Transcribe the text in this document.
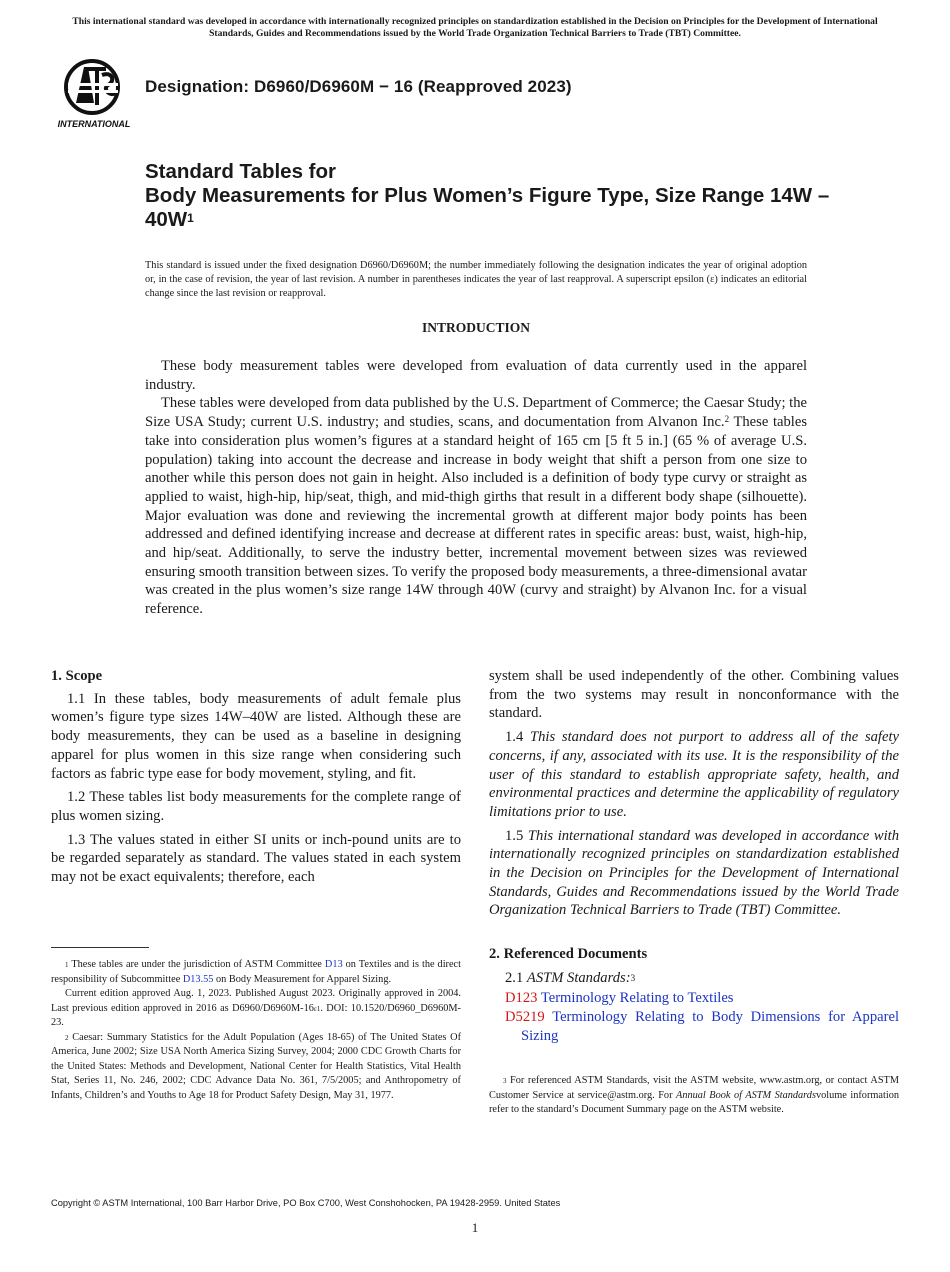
This international standard was developed in accordance with internationally recognized principles on standardization established in the Decision on Principles for the Development of International Standards, Guides and Recommendations issued by the World Trade Organization Technical Barriers to Trade (TBT) Committee.
INTERNATIONAL
Designation: D6960/D6960M − 16 (Reapproved 2023)
Standard Tables for
Body Measurements for Plus Women’s Figure Type, Size Range $14W - 40W^1$
This standard is issued under the fixed designation D6960/D6960M; the number immediately following the designation indicates the year of original adoption or, in the case of revision, the year of last revision. A number in parentheses indicates the year of last reapproval. A superscript epsilon (ε) indicates an editorial change since the last revision or reapproval.
INTRODUCTION

These body measurement tables were developed from evaluation of data currently used in the apparel industry.

These tables were developed from data published by the U.S. Department of Commerce; the Caesar Study; the Size USA Study; current U.S. industry; and studies, scans, and documentation from Alvanon Inc.$^2$ These tables take into consideration plus women’s figures at a standard height of 165 cm [5 ft 5 in.] (65 % of average U.S. population) taking into account the decrease and increase in body weight that shift a person from one size to another while this person does not gain in height. Also included is a definition of body type curvy or straight as applied to waist, high-hip, hip/seat, thigh, and mid-thigh girths that result in a different body shape (silhouette). Major evaluation was done and reviewing the incremental growth at different major body points has been addressed and defined identifying increase and decrease at different rates in specific areas: bust, waist, high-hip, and hip/seat. Additionally, to serve the industry better, incremental movement between sizes was reviewed ensuring smooth transition between sizes. To verify the proposed body measurements, a three-dimensional avatar was created in the plus women’s size range 14W through 40W (curvy and straight) by Alvanon Inc. for a visual reference.

1. Scope

1.1 In these tables, body measurements of adult female plus women’s figure type sizes 14W–40W are listed. Although these are body measurements, they can be used as a baseline in designing apparel for plus women in this size range when considering such factors as fabric type ease for body movement, styling, and fit.

1.2 These tables list body measurements for the complete range of plus women sizing.

1.3 The values stated in either SI units or inch-pound units are to be regarded separately as standard. The values stated in each system may not be exact equivalents; therefore, each

system shall be used independently of the other. Combining values from the two systems may result in nonconformance with the standard.

1.4 This standard does not purport to address all of the safety concerns, if any, associated with its use. It is the responsibility of the user of this standard to establish appropriate safety, health, and environmental practices and determine the applicability of regulatory limitations prior to use.

1.5 This international standard was developed in accordance with internationally recognized principles on standardization established in the Decision on Principles for the Development of International Standards, Guides and Recommendations issued by the World Trade Organization Technical Barriers to Trade (TBT) Committee.

$^1$ These tables are under the jurisdiction of ASTM Committee D13 on Textiles and is the direct responsibility of Subcommittee D13.55 on Body Measurement for Apparel Sizing.

Current edition approved Aug. 1, 2023. Published August 2023. Originally approved in 2004. Last previous edition approved in 2016 as $D6960/D6960M-16^{\varepsilon 1}$. DOI: 10.1520/D6960_D6960M-23.

$^2$ Caesar: Summary Statistics for the Adult Population (Ages 18-65) of The United States Of America, June 2002; Size USA North America Sizing Survey, 2004; 2000 CDC Growth Charts for the United States: Methods and Development, National Center for Health Statistics, Vital Health Stat, Series 11, No. 246, 2002; CDC Advance Data No. 361, 7/5/2005; and Anthropometry of Infants, Children’s and Youths to Age 18 for Product Safety Design, May 31, 1977.

2. Referenced Documents
2.1 ASTM Standards:$^3$
D123 Terminology Relating to Textiles
D5219 Terminology Relating to Body Dimensions for Apparel Sizing

$^3$ For referenced ASTM Standards, visit the ASTM website, www.astm.org, or contact ASTM Customer Service at service@astm.org. For Annual Book of ASTM Standardsvolume information refer to the standard’s Document Summary page on the ASTM website.

Copyright © ASTM International, 100 Barr Harbor Drive, PO Box C700, West Conshohocken, PA 19428-2959. United States
1
